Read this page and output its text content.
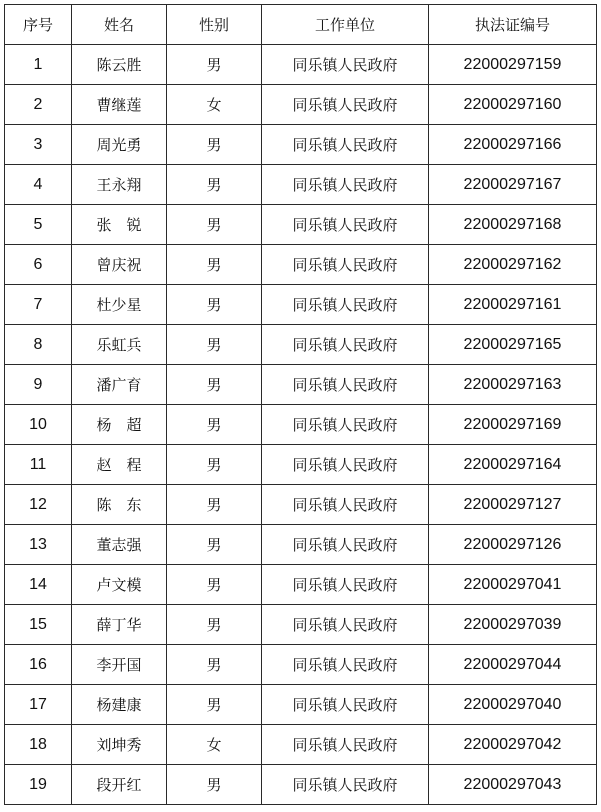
序号	姓名	性别	工作单位	执法证编号
1	陈云胜	男	同乐镇人民政府	22000297159
2	曹继莲	女	同乐镇人民政府	22000297160
3	周光勇	男	同乐镇人民政府	22000297166
4	王永翔	男	同乐镇人民政府	22000297167
5	张　锐	男	同乐镇人民政府	22000297168
6	曾庆祝	男	同乐镇人民政府	22000297162
7	杜少星	男	同乐镇人民政府	22000297161
8	乐虹兵	男	同乐镇人民政府	22000297165
9	潘广育	男	同乐镇人民政府	22000297163
10	杨　超	男	同乐镇人民政府	22000297169
11	赵　程	男	同乐镇人民政府	22000297164
12	陈　东	男	同乐镇人民政府	22000297127
13	董志强	男	同乐镇人民政府	22000297126
14	卢文模	男	同乐镇人民政府	22000297041
15	薛丁华	男	同乐镇人民政府	22000297039
16	李开国	男	同乐镇人民政府	22000297044
17	杨建康	男	同乐镇人民政府	22000297040
18	刘坤秀	女	同乐镇人民政府	22000297042
19	段开红	男	同乐镇人民政府	22000297043
